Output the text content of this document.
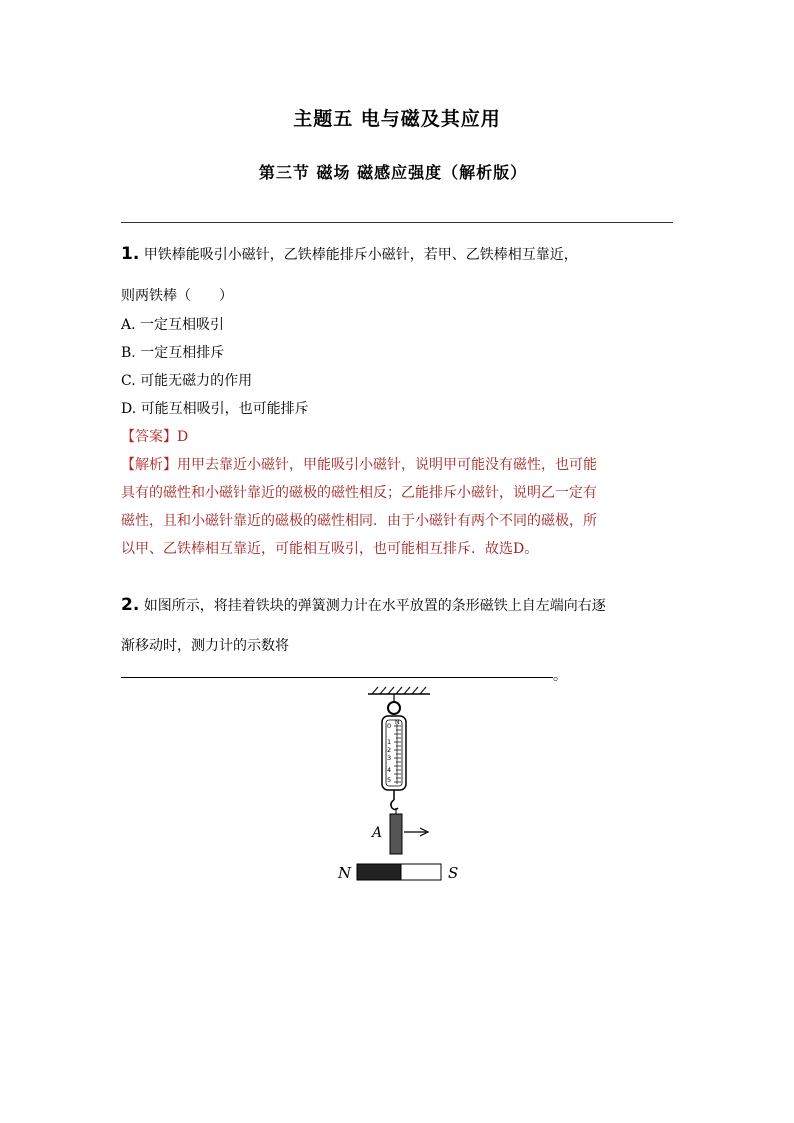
主题五 电与磁及其应用
第三节 磁场 磁感应强度（解析版）
1. 甲铁棒能吸引小磁针，乙铁棒能排斥小磁针，若甲、乙铁棒相互靠近，
则两铁棒（　　）
A. 一定互相吸引
B. 一定互相排斥
C. 可能无磁力的作用
D. 可能互相吸引，也可能排斥
【答案】D
【解析】用甲去靠近小磁针，甲能吸引小磁针，说明甲可能没有磁性，也可能
具有的磁性和小磁针靠近的磁极的磁性相反；乙能排斥小磁针，说明乙一定有
磁性，且和小磁针靠近的磁极的磁性相同．由于小磁针有两个不同的磁极，所
以甲、乙铁棒相互靠近，可能相互吸引，也可能相互排斥．故选D。
2. 如图所示，将挂着铁块的弹簧测力计在水平放置的条形磁铁上自左端向右逐
渐移动时，测力计的示数将
。
0 N
1
2
3
4
5
A
N	S
